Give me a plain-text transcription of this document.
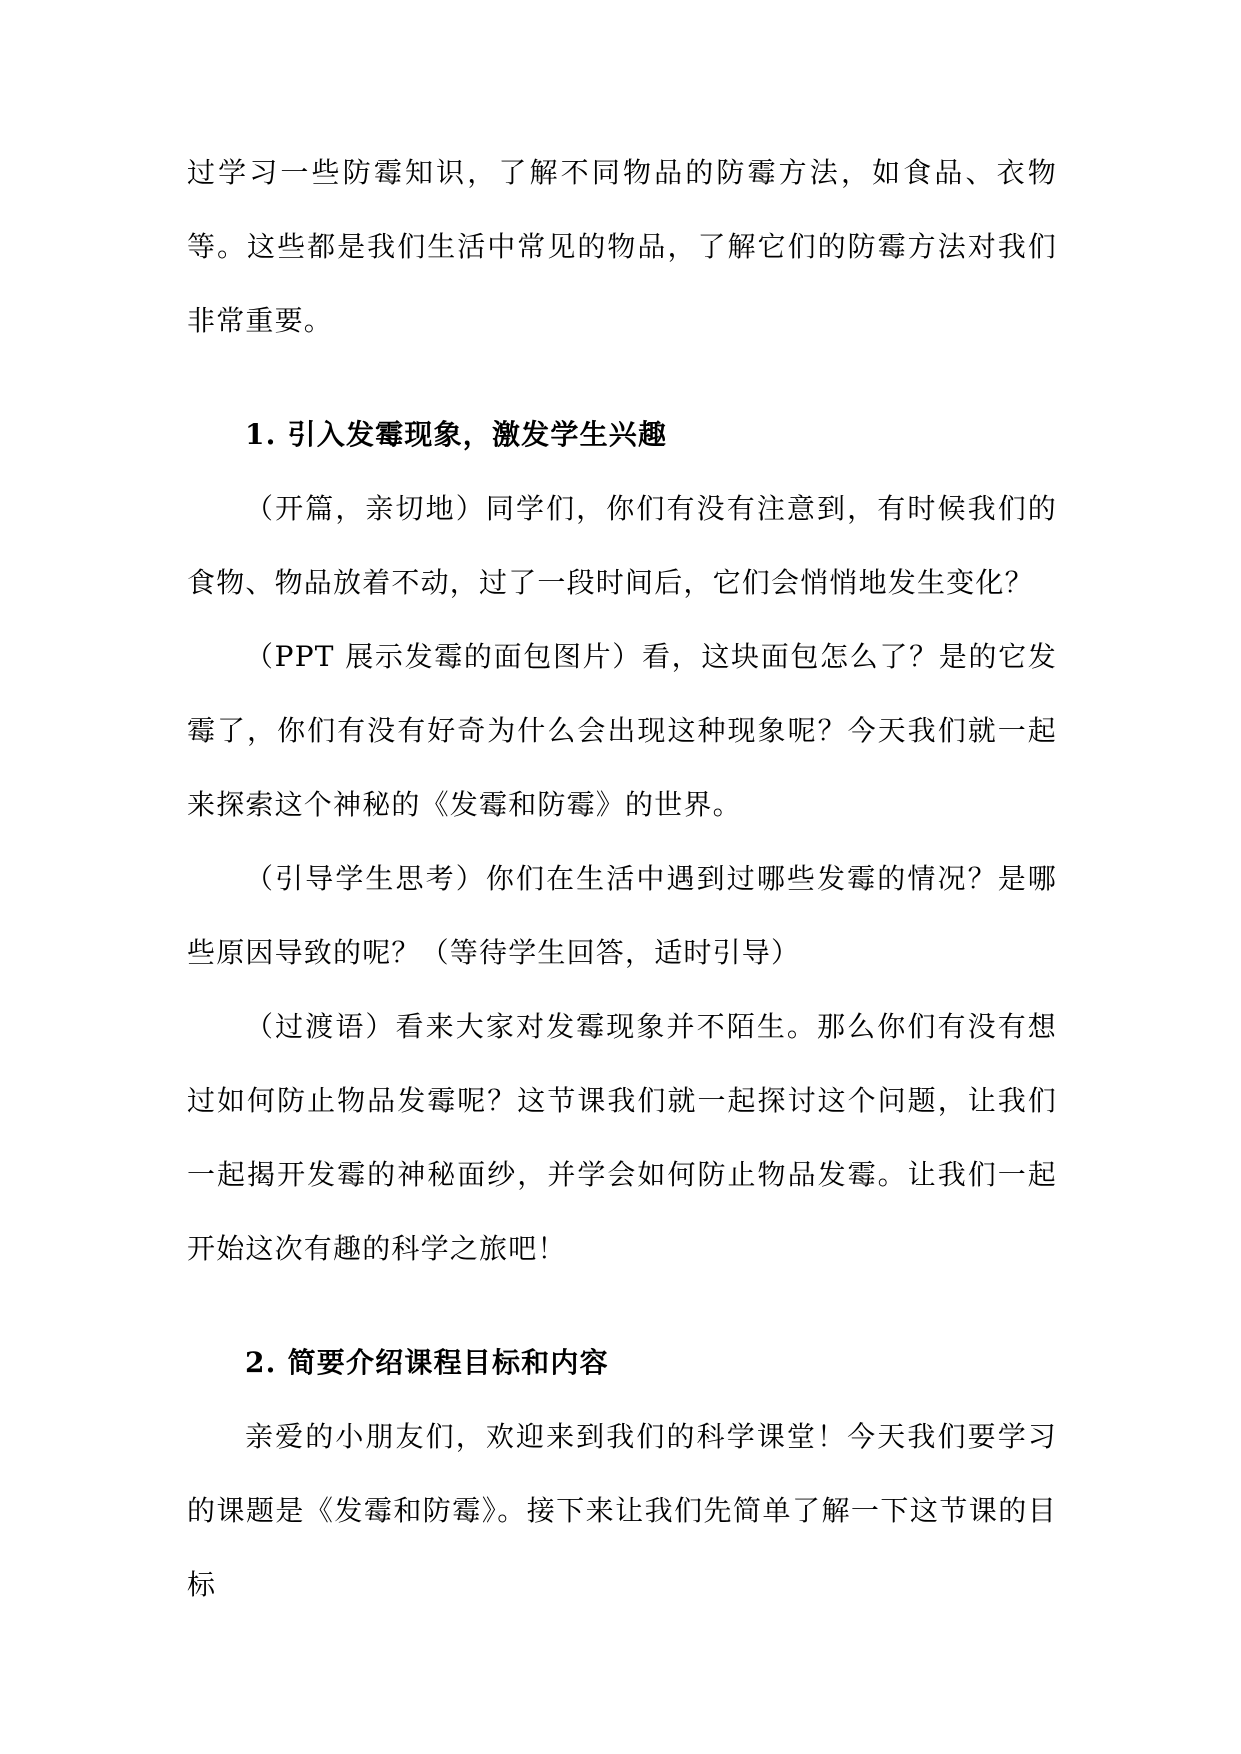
过学习一些防霉知识，了解不同物品的防霉方法，如食品、衣物等。这些都是我们生活中常见的物品，了解它们的防霉方法对我们非常重要。

1. 引入发霉现象，激发学生兴趣

（开篇，亲切地）同学们，你们有没有注意到，有时候我们的食物、物品放着不动，过了一段时间后，它们会悄悄地发生变化？

（PPT 展示发霉的面包图片）看，这块面包怎么了？是的它发霉了，你们有没有好奇为什么会出现这种现象呢？今天我们就一起来探索这个神秘的《发霉和防霉》的世界。

（引导学生思考）你们在生活中遇到过哪些发霉的情况？是哪些原因导致的呢？（等待学生回答，适时引导）

（过渡语）看来大家对发霉现象并不陌生。那么你们有没有想过如何防止物品发霉呢？这节课我们就一起探讨这个问题，让我们一起揭开发霉的神秘面纱，并学会如何防止物品发霉。让我们一起开始这次有趣的科学之旅吧！

2. 简要介绍课程目标和内容

亲爱的小朋友们，欢迎来到我们的科学课堂！今天我们要学习的课题是《发霉和防霉》。接下来让我们先简单了解一下这节课的目标
